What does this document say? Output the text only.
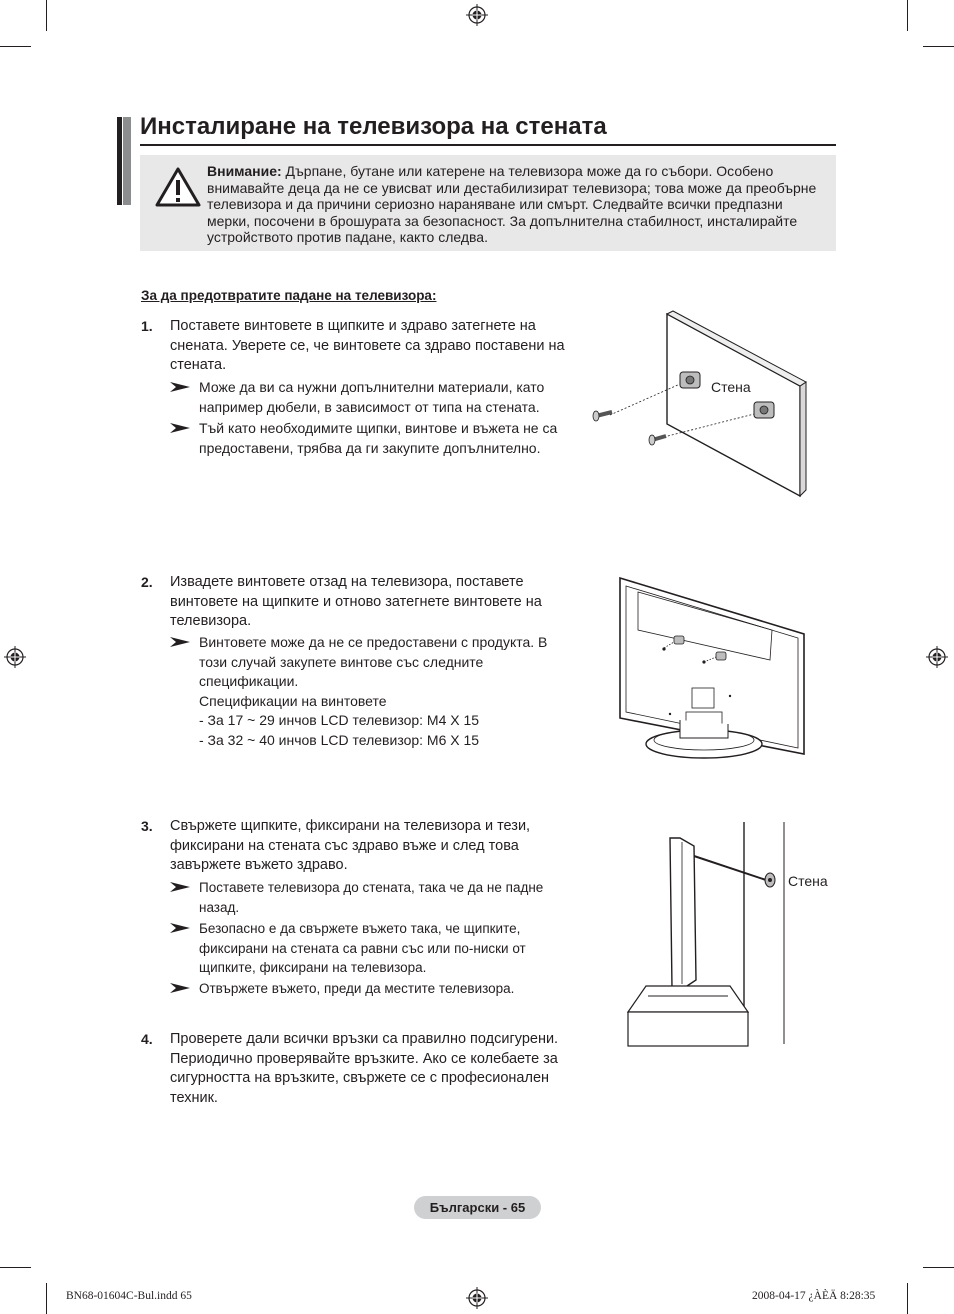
Инсталиране на телевизора на стената
Внимание: Дърпане, бутане или катерене на телевизора може да го събори. Особено внимавайте деца да не се увисват или дестабилизират телевизора; това може да преобърне телевизора и да причини сериозно нараняване или смърт. Следвайте всички предпазни мерки, посочени в брошурата за безопасност. За допълнителна стабилност, инсталирайте устройството против падане, както следва.
За да предотвратите падане на телевизора:
1. Поставете винтовете в щипките и здраво затегнете на сненатa. Уверете се, че винтовете са здраво поставени на стената.
Може да ви са нужни допълнителни материали, като например дюбели, в зависимост от типа на стената.
Тъй като необходимите щипки, винтове и въжета не са предоставени, трябва да ги закупите допълнително.
Стена
2. Извадете винтовете отзад на телевизора, поставете винтовете на щипките и отново затегнете винтовете на телевизора.
Винтовете може да не се предоставени с продукта. В този случай закупете винтове със следните спецификации.
Спецификации на винтовете
- За 17 ~ 29 инчов LCD телевизор: M4 X 15
- За 32 ~ 40 инчов LCD телевизор: M6 X 15
3. Свържете щипките, фиксирани на телевизора и тези, фиксирани на стената със здраво въже и след това завържете въжето здраво.
Поставете телевизора до стената, така че да не падне назад.
Безопасно е да свържете въжето така, че щипките, фиксирани на стената са равни със или по-ниски от щипките, фиксирани на телевизора.
Отвържете въжето, преди да местите телевизора.
Стена
4. Проверете дали всички връзки са правилно подсигурени. Периодично проверявайте връзките. Ако се колебаете за сигурността на връзките, свържете се с професионален техник.
Български - 65
BN68-01604C-Bul.indd 65	2008-04-17 ¿ÀÈÄ 8:28:35
